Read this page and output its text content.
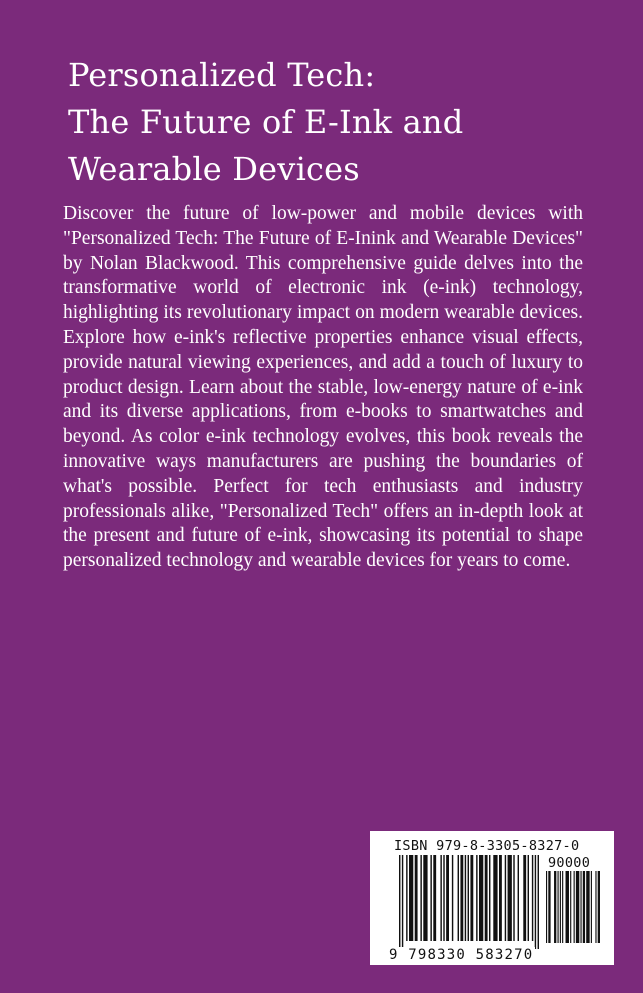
Personalized Tech:
The Future of E-Ink and
Wearable Devices
Discover the future of low-power and mobile devices with "Personalized Tech: The Future of E-Inink and Wearable Devices" by Nolan Blackwood. This comprehensive guide delves into the transformative world of electronic ink (e-ink) technology, highlighting its revolutionary impact on modern wearable devices. Explore how e-ink's reflective properties enhance visual effects, provide natural viewing experiences, and add a touch of luxury to product design. Learn about the stable, low-energy nature of e-ink and its diverse applications, from e-books to smartwatches and beyond. As color e-ink technology evolves, this book reveals the innovative ways manufacturers are pushing the boundaries of what's possible. Perfect for tech enthusiasts and industry professionals alike, "Personalized Tech" offers an in-depth look at the present and future of e-ink, showcasing its potential to shape personalized technology and wearable devices for years to come.
ISBN 979-8-3305-8327-0
90000
9 798330 583270
